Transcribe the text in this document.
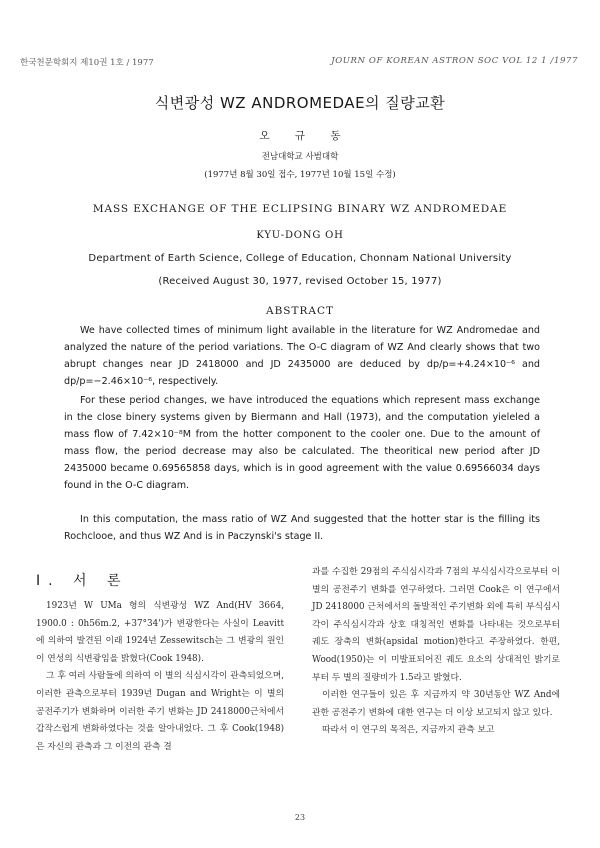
한국천문학회지 제10권 1호 / 1977	JOURN OF KOREAN ASTRON SOC VOL 12 1 /1977
식변광성 WZ ANDROMEDAE의 질량교환
오 규 동
전남대학교 사범대학
(1977년 8월 30일 접수, 1977년 10월 15일 수정)
MASS EXCHANGE OF THE ECLIPSING BINARY WZ ANDROMEDAE
KYU-DONG OH
Department of Earth Science, College of Education, Chonnam National University
(Received August 30, 1977, revised October 15, 1977)
ABSTRACT

We have collected times of minimum light available in the literature for WZ Andromedae and analyzed the nature of the period variations. The O-C diagram of WZ And clearly shows that two abrupt changes near JD 2418000 and JD 2435000 are deduced by dp/p=+4.24×10⁻⁶ and dp/p=−2.46×10⁻⁶, respectively.

For these period changes, we have introduced the equations which represent mass exchange in the close binery systems given by Biermann and Hall (1973), and the computation yieleled a mass flow of 7.42×10⁻⁸M from the hotter component to the cooler one. Due to the amount of mass flow, the period decrease may also be calculated. The theoritical new period after JD 2435000 became 0.69565858 days, which is in good agreement with the value 0.69566034 days found in the O-C diagram.

In this computation, the mass ratio of WZ And suggested that the hotter star is the filling its Rochclooe, and thus WZ And is in Paczynski's stage II.

I. 서 론

1923년 W UMa 형의 식변광성 WZ And(HV 3664, 1900.0 : 0h56m.2, +37°34')가 변광한다는 사실이 Leavitt에 의하여 발견된 이래 1924년 Zessewitsch는 그 변광의 원인이 연성의 식변광임을 밝혔다(Cook 1948).

그 후 여러 사람들에 의하여 이 별의 식심시각이 관측되었으며, 이러한 관측으로부터 1939년 Dugan and Wright는 이 별의 공전주기가 변화하며 이러한 주기 변화는 JD 2418000근처에서 갑작스럽게 변화하였다는 것을 알아내었다. 그 후 Cook(1948)은 자신의 관측과 그 이전의 관측 결

과를 수집한 29점의 주식심시각과 7점의 부식심시각으로부터 이 별의 공전주기 변화를 연구하였다. 그러면 Cook은 이 연구에서 JD 2418000 근처에서의 돌발적인 주기변화 외에 특히 부식심시각이 주식심시각과 상호 대칭적인 변화를 나타내는 것으로부터 궤도 장축의 변화(apsidal motion)한다고 주장하였다. 한편, Wood(1950)는 이 미발표되어진 궤도 요소의 상대적인 밝기로부터 두 별의 질량비가 1.5라고 밝혔다.

이러한 연구들이 있은 후 지금까지 약 30년동안 WZ And에 관한 공전주기 변화에 대한 연구는 더 이상 보고되지 않고 있다.

따라서 이 연구의 목적은, 지금까지 관측 보고

23
